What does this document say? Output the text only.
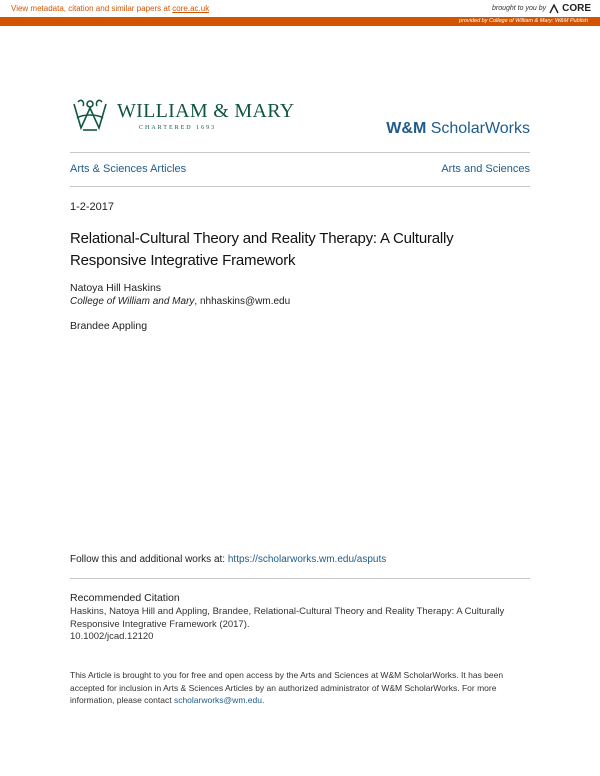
View metadata, citation and similar papers at core.ac.uk	brought to you by CORE
provided by College of William & Mary: W&M Publish
WILLIAM & MARY
CHARTERED 1693	W&M ScholarWorks
Arts & Sciences Articles	Arts and Sciences
1-2-2017
Relational-Cultural Theory and Reality Therapy: A Culturally Responsive Integrative Framework
Natoya Hill Haskins
College of William and Mary, nhhaskins@wm.edu
Brandee Appling
Follow this and additional works at: https://scholarworks.wm.edu/asputs
Recommended Citation
Haskins, Natoya Hill and Appling, Brandee, Relational-Cultural Theory and Reality Therapy: A Culturally
Responsive Integrative Framework (2017).
10.1002/jcad.12120
This Article is brought to you for free and open access by the Arts and Sciences at W&M ScholarWorks. It has been accepted for inclusion in Arts & Sciences Articles by an authorized administrator of W&M ScholarWorks. For more information, please contact scholarworks@wm.edu.
